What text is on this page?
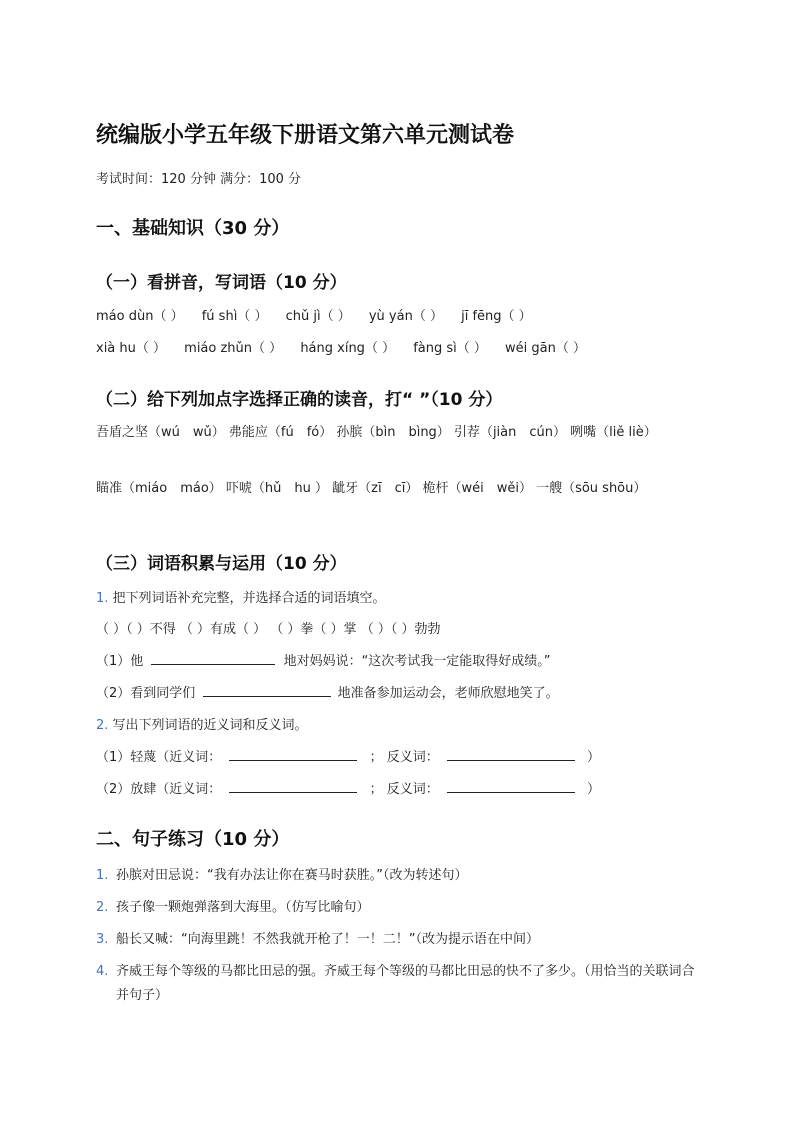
统编版小学五年级下册语文第六单元测试卷
考试时间：120 分钟 满分：100 分
一、基础知识（30 分）
（一）看拼音，写词语（10 分）
máo dùn（ ） fú shì（ ） chǔ jì（ ） yù yán（ ） jī fēng（ ）
xià hu（ ） miáo zhǔn（ ） háng xíng（ ） fàng sì（ ） wéi gān（ ）
（二）给下列加点字选择正确的读音，打“ ”（10 分）
吾盾之坚（wú　wǔ） 弗能应（fú　fó） 孙膑（bìn　bìng） 引荐（jiàn　cún） 咧嘴（liě liè）
瞄准（miáo　máo） 吓唬（hǔ　hu ） 龇牙（zī　cī） 桅杆（wéi　wěi） 一艘（sōu shōu）
（三）词语积累与运用（10 分）
1. 把下列词语补充完整，并选择合适的词语填空。
（ ）（ ）不得 （ ）有成（ ） （ ）拳（ ）掌 （ ）（ ）勃勃
（1）他	地对妈妈说：“这次考试我一定能取得好成绩。”
（2）看到同学们	地准备参加运动会，老师欣慰地笑了。
2. 写出下列词语的近义词和反义词。
（1）轻蔑（近义词：	； 反义词：	）
（2）放肆（近义词：	； 反义词：	）
二、句子练习（10 分）
1. 孙膑对田忌说：“我有办法让你在赛马时获胜。”（改为转述句）
2. 孩子像一颗炮弹落到大海里。（仿写比喻句）
3. 船长又喊：“向海里跳！不然我就开枪了！一！二！”（改为提示语在中间）
4. 齐威王每个等级的马都比田忌的强。齐威王每个等级的马都比田忌的快不了多少。（用恰当的关联词合并句子）
